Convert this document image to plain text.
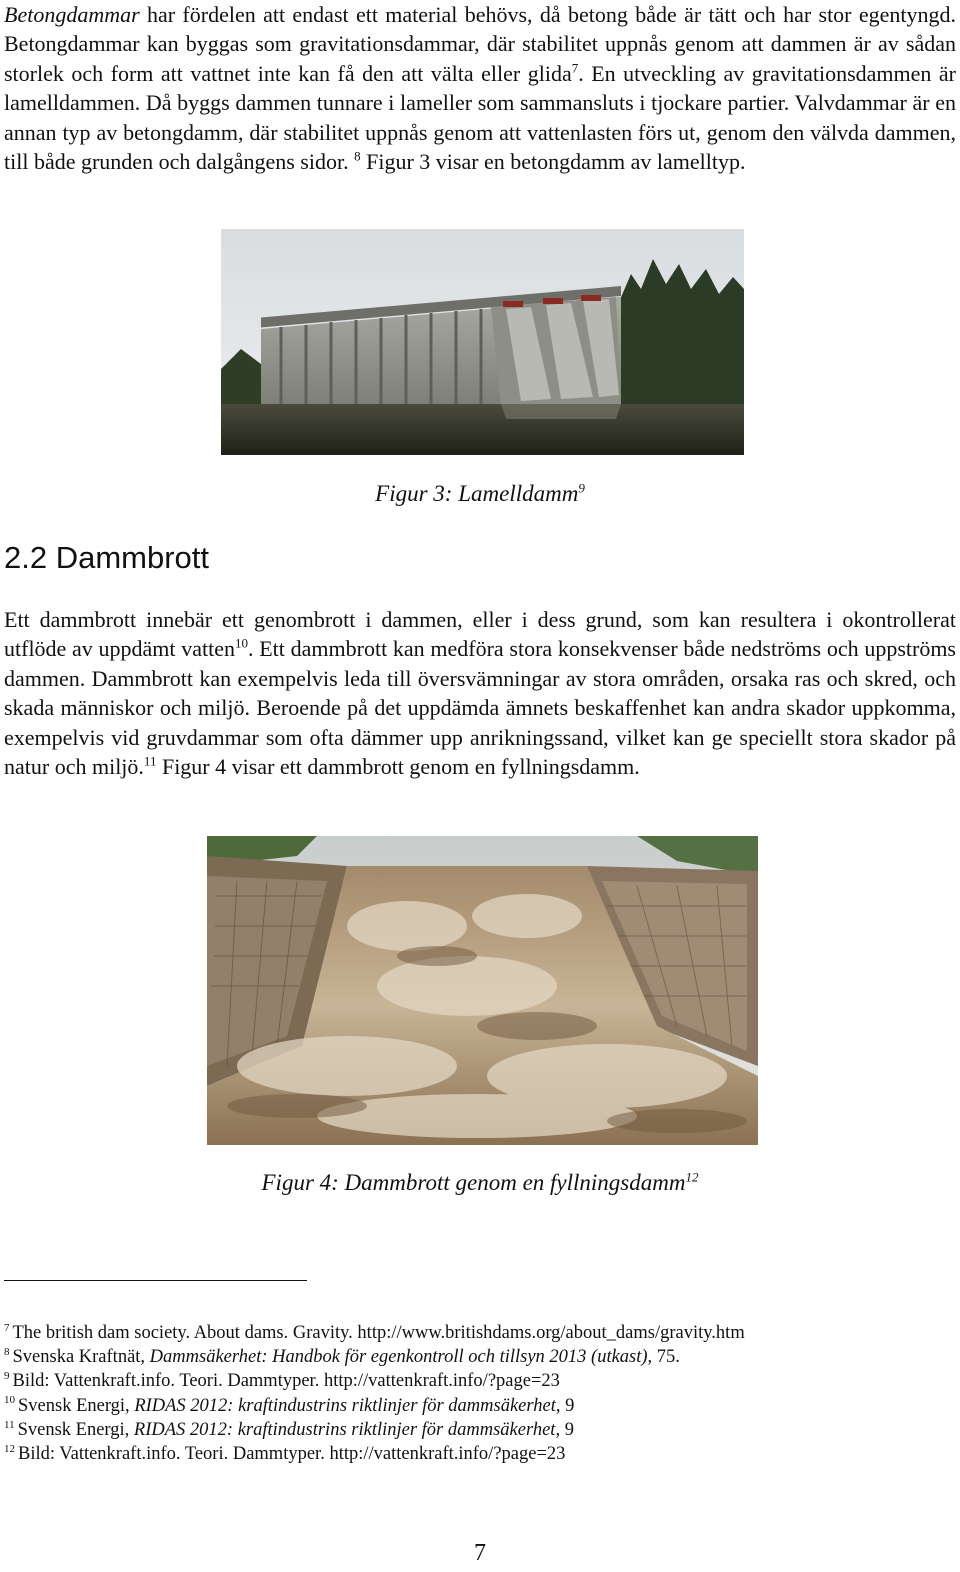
Betongdammar har fördelen att endast ett material behövs, då betong både är tätt och har stor egentyngd. Betongdammar kan byggas som gravitationsdammar, där stabilitet uppnås genom att dammen är av sådan storlek och form att vattnet inte kan få den att välta eller glida$^7$. En utveckling av gravitationsdammen är lamelldammen. Då byggs dammen tunnare i lameller som sammansluts i tjockare partier. Valvdammar är en annan typ av betongdamm, där stabilitet uppnås genom att vattenlasten förs ut, genom den välvda dammen, till både grunden och dalgångens sidor. $^8$ Figur 3 visar en betongdamm av lamelltyp.

Figur 3: Lamelldamm$^9$

2.2 Dammbrott

Ett dammbrott innebär ett genombrott i dammen, eller i dess grund, som kan resultera i okontrollerat utflöde av uppdämt vatten$^{10}$. Ett dammbrott kan medföra stora konsekvenser både nedströms och uppströms dammen. Dammbrott kan exempelvis leda till översvämningar av stora områden, orsaka ras och skred, och skada människor och miljö. Beroende på det uppdämda ämnets beskaffenhet kan andra skador uppkomma, exempelvis vid gruvdammar som ofta dämmer upp anrikningssand, vilket kan ge speciellt stora skador på natur och miljö.$^{11}$ Figur 4 visar ett dammbrott genom en fyllningsdamm.

Figur 4: Dammbrott genom en fyllningsdamm$^{12}$

$^7$ The british dam society. About dams. Gravity. http://www.britishdams.org/about_dams/gravity.htm
$^8$ Svenska Kraftnät, Dammsäkerhet: Handbok för egenkontroll och tillsyn 2013 (utkast), 75.
$^9$ Bild: Vattenkraft.info. Teori. Dammtyper. http://vattenkraft.info/?page=23
$^{10}$ Svensk Energi, RIDAS 2012: kraftindustrins riktlinjer för dammsäkerhet, 9
$^{11}$ Svensk Energi, RIDAS 2012: kraftindustrins riktlinjer för dammsäkerhet, 9
$^{12}$ Bild: Vattenkraft.info. Teori. Dammtyper. http://vattenkraft.info/?page=23
7
